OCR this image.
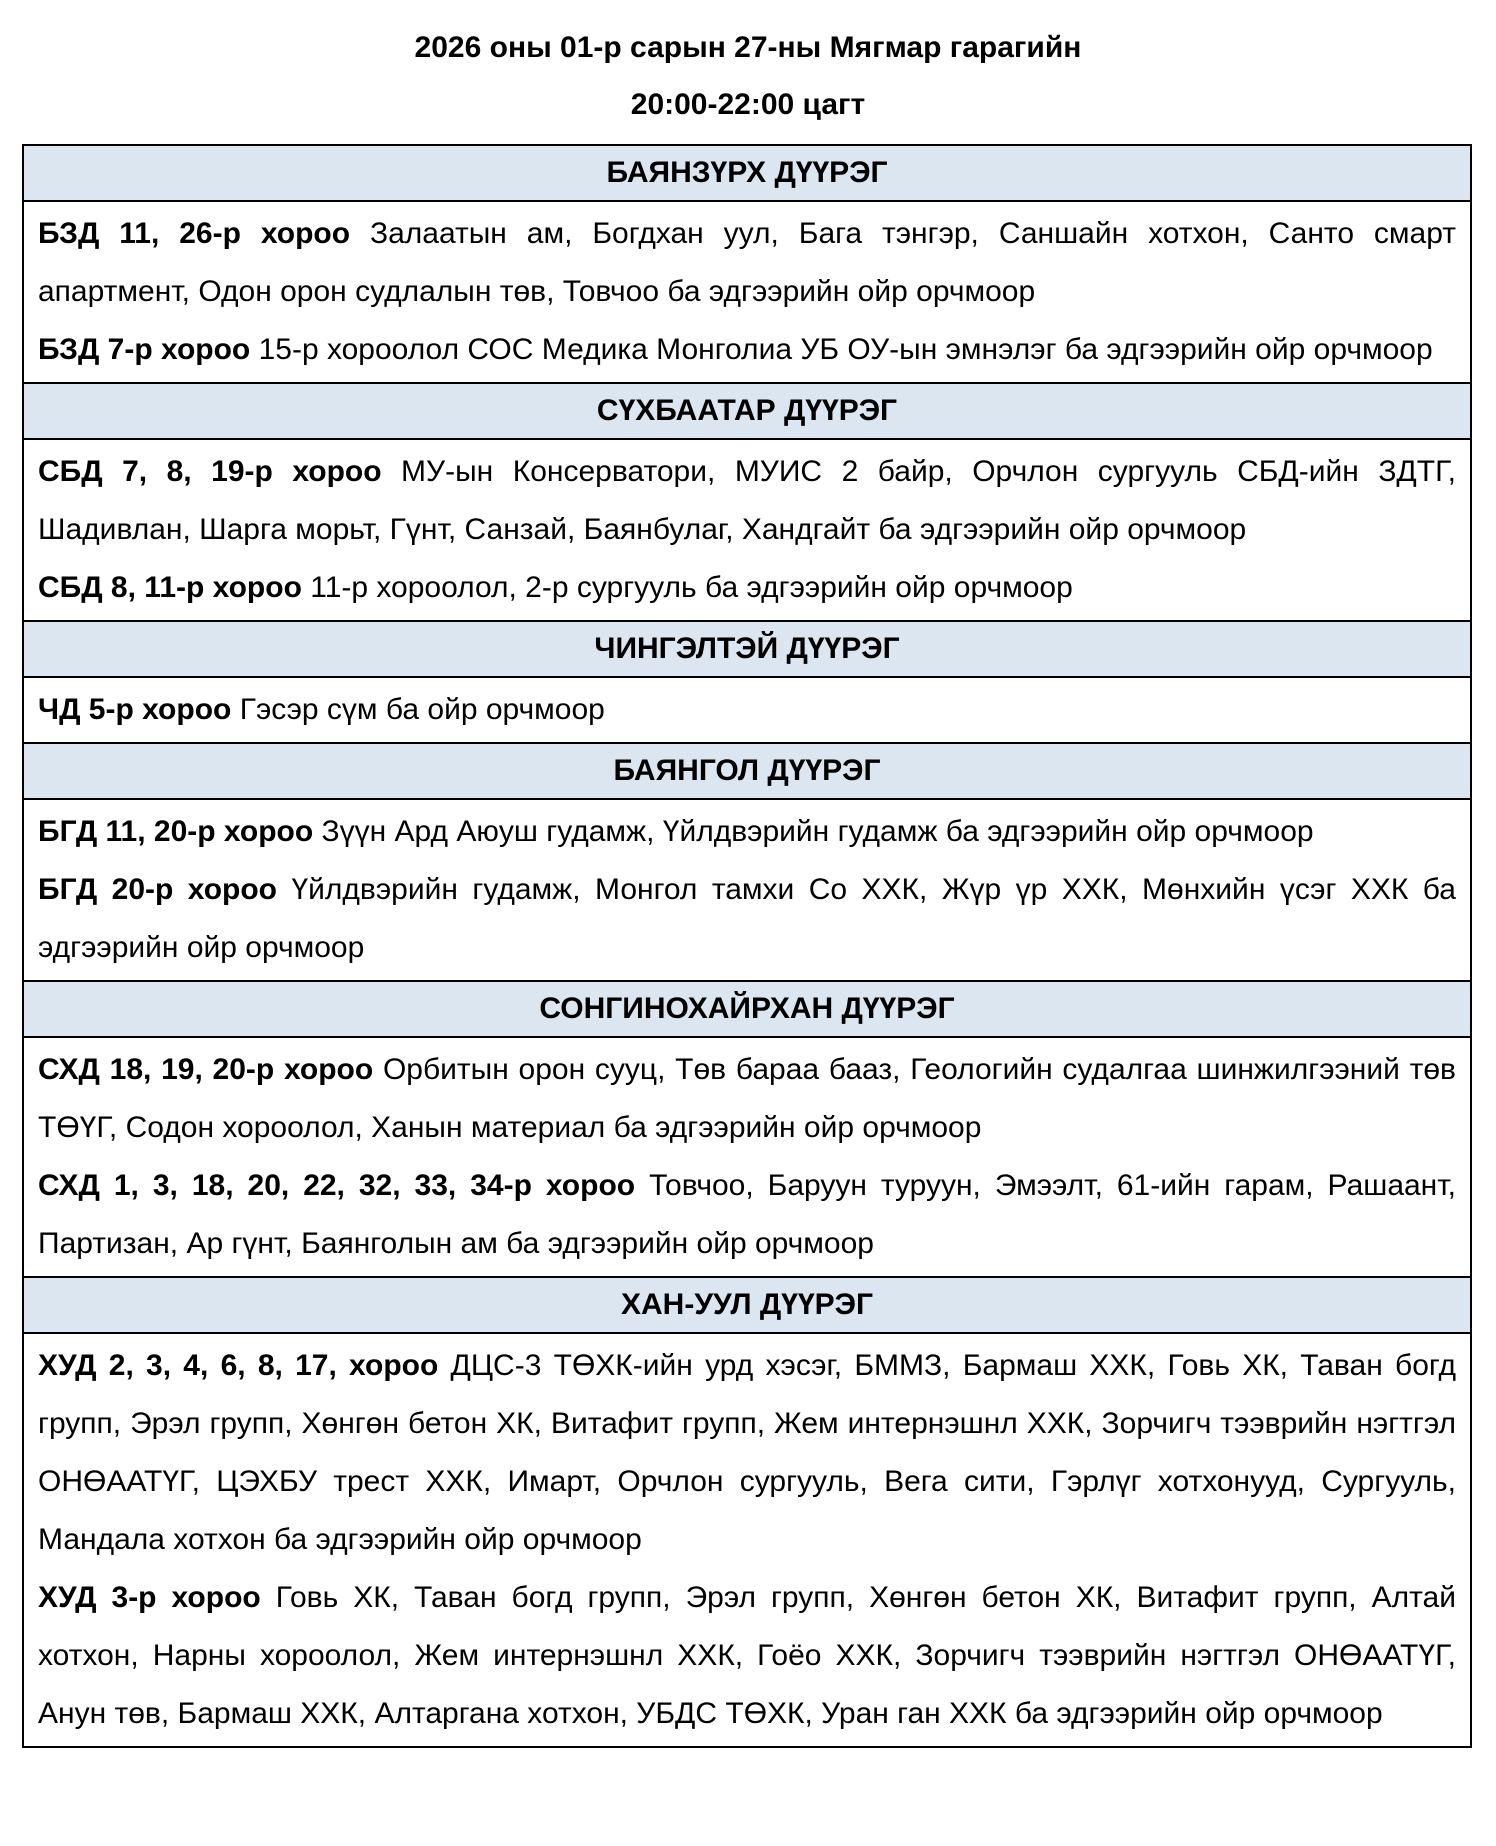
2026 оны 01-р сарын 27-ны Мягмар гарагийн
20:00-22:00 цагт
БАЯНЗҮРХ ДҮҮРЭГ

БЗД 11, 26-р хороо Залаатын ам, Богдхан уул, Бага тэнгэр, Саншайн хотхон, Санто смарт апартмент, Одон орон судлалын төв, Товчоо ба эдгээрийн ойр орчмоор

БЗД 7-р хороо 15-р хороолол СОС Медика Монголиа УБ ОУ-ын эмнэлэг ба эдгээрийн ойр орчмоор

СҮХБААТАР ДҮҮРЭГ

СБД 7, 8, 19-р хороо МУ-ын Консерватори, МУИС 2 байр, Орчлон сургууль СБД-ийн ЗДТГ, Шадивлан, Шарга морьт, Гүнт, Санзай, Баянбулаг, Хандгайт ба эдгээрийн ойр орчмоор

СБД 8, 11-р хороо 11-р хороолол, 2-р сургууль ба эдгээрийн ойр орчмоор

ЧИНГЭЛТЭЙ ДҮҮРЭГ

ЧД 5-р хороо Гэсэр сүм ба ойр орчмоор

БАЯНГОЛ ДҮҮРЭГ

БГД 11, 20-р хороо Зүүн Ард Аюуш гудамж, Үйлдвэрийн гудамж ба эдгээрийн ойр орчмоор

БГД 20-р хороо Үйлдвэрийн гудамж, Монгол тамхи Со ХХК, Жүр үр ХХК, Мөнхийн үсэг ХХК ба эдгээрийн ойр орчмоор

СОНГИНОХАЙРХАН ДҮҮРЭГ

СХД 18, 19, 20-р хороо Орбитын орон сууц, Төв бараа бааз, Геологийн судалгаа шинжилгээний төв ТӨҮГ, Содон хороолол, Ханын материал ба эдгээрийн ойр орчмоор

СХД 1, 3, 18, 20, 22, 32, 33, 34-р хороо Товчоо, Баруун туруун, Эмээлт, 61-ийн гарам, Рашаант, Партизан, Ар гүнт, Баянголын ам ба эдгээрийн ойр орчмоор

ХАН-УУЛ ДҮҮРЭГ

ХУД 2, 3, 4, 6, 8, 17, хороо ДЦС-3 ТӨХК-ийн урд хэсэг, БММЗ, Бармаш ХХК, Говь ХК, Таван богд групп, Эрэл групп, Хөнгөн бетон ХК, Витафит групп, Жем интернэшнл ХХК, Зорчигч тээврийн нэгтгэл ОНӨААТҮГ, ЦЭХБУ трест ХХК, Имарт, Орчлон сургууль, Вега сити, Гэрлүг хотхонууд, Сургууль, Мандала хотхон ба эдгээрийн ойр орчмоор

ХУД 3-р хороо Говь ХК, Таван богд групп, Эрэл групп, Хөнгөн бетон ХК, Витафит групп, Алтай хотхон, Нарны хороолол, Жем интернэшнл ХХК, Гоёо ХХК, Зорчигч тээврийн нэгтгэл ОНӨААТҮГ, Анун төв, Бармаш ХХК, Алтаргана хотхон, УБДС ТӨХК, Уран ган ХХК ба эдгээрийн ойр орчмоор
